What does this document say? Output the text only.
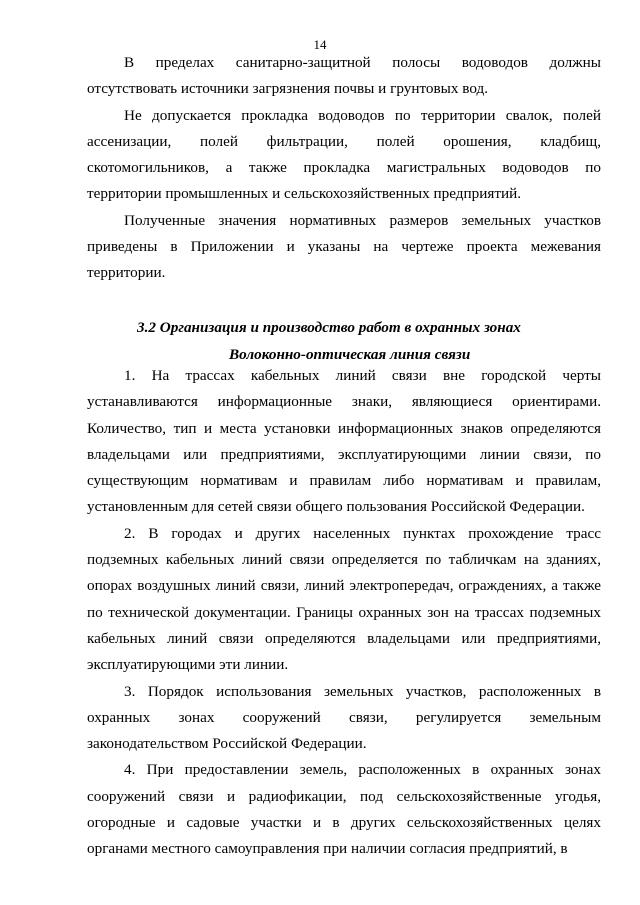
14

В пределах санитарно-защитной полосы водоводов должны отсутствовать источники загрязнения почвы и грунтовых вод.

Не допускается прокладка водоводов по территории свалок, полей ассенизации, полей фильтрации, полей орошения, кладбищ, скотомогильников, а также прокладка магистральных водоводов по территории промышленных и сельскохозяйственных предприятий.

Полученные значения нормативных размеров земельных участков приведены в Приложении и указаны на чертеже проекта межевания территории.

3.2 Организация и производство работ в охранных зонах

Волоконно-оптическая линия связи

1. На трассах кабельных линий связи вне городской черты устанавливаются информационные знаки, являющиеся ориентирами. Количество, тип и места установки информационных знаков определяются владельцами или предприятиями, эксплуатирующими линии связи, по существующим нормативам и правилам либо нормативам и правилам, установленным для сетей связи общего пользования Российской Федерации.

2. В городах и других населенных пунктах прохождение трасс подземных кабельных линий связи определяется по табличкам на зданиях, опорах воздушных линий связи, линий электропередач, ограждениях, а также по технической документации. Границы охранных зон на трассах подземных кабельных линий связи определяются владельцами или предприятиями, эксплуатирующими эти линии.

3. Порядок использования земельных участков, расположенных в охранных зонах сооружений связи, регулируется земельным законодательством Российской Федерации.

4. При предоставлении земель, расположенных в охранных зонах сооружений связи и радиофикации, под сельскохозяйственные угодья, огородные и садовые участки и в других сельскохозяйственных целях органами местного самоуправления при наличии согласия предприятий, в
